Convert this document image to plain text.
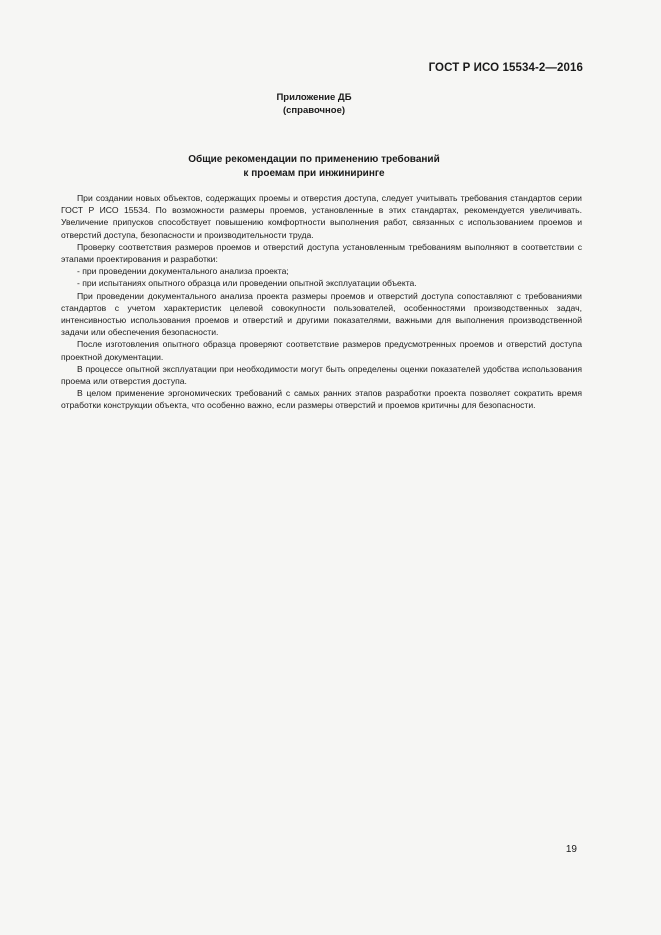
ГОСТ Р ИСО 15534-2—2016
Приложение ДБ
(справочное)
Общие рекомендации по применению требований
к проемам при инжиниринге

При создании новых объектов, содержащих проемы и отверстия доступа, следует учитывать требования стандартов серии ГОСТ Р ИСО 15534. По возможности размеры проемов, установленные в этих стандартах, рекомендуется увеличивать. Увеличение припусков способствует повышению комфортности выполнения работ, связанных с использованием проемов и отверстий доступа, безопасности и производительности труда.

Проверку соответствия размеров проемов и отверстий доступа установленным требованиям выполняют в соответствии с этапами проектирования и разработки:

- при проведении документального анализа проекта;

- при испытаниях опытного образца или проведении опытной эксплуатации объекта.

При проведении документального анализа проекта размеры проемов и отверстий доступа сопоставляют с требованиями стандартов с учетом характеристик целевой совокупности пользователей, особенностями производственных задач, интенсивностью использования проемов и отверстий и другими показателями, важными для выполнения производственной задачи или обеспечения безопасности.

После изготовления опытного образца проверяют соответствие размеров предусмотренных проемов и отверстий доступа проектной документации.

В процессе опытной эксплуатации при необходимости могут быть определены оценки показателей удобства использования проема или отверстия доступа.

В целом применение эргономических требований с самых ранних этапов разработки проекта позволяет сократить время отработки конструкции объекта, что особенно важно, если размеры отверстий и проемов критичны для безопасности.

19
